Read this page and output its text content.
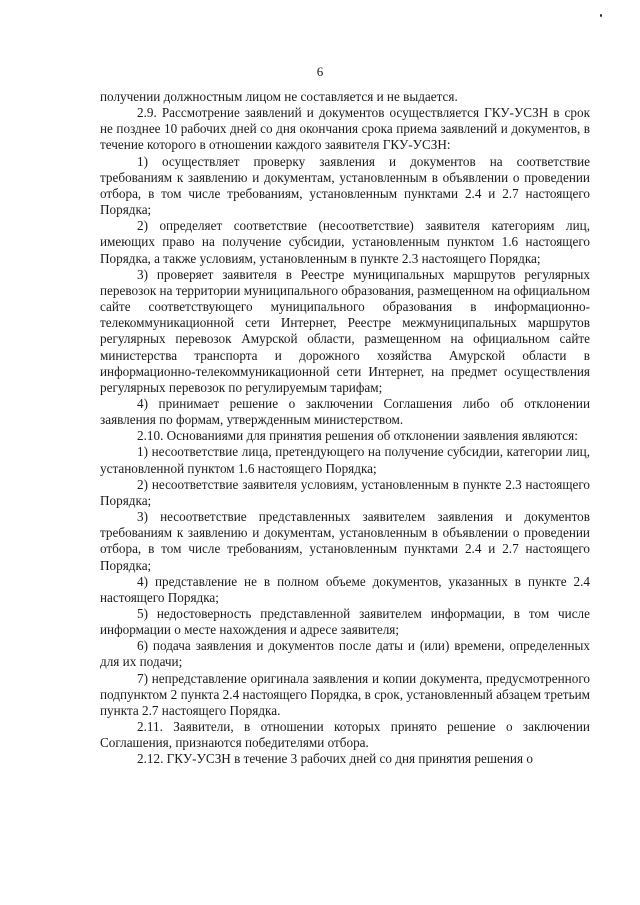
6

получении должностным лицом не составляется и не выдается.

2.9. Рассмотрение заявлений и документов осуществляется ГКУ-УСЗН в срок не позднее 10 рабочих дней со дня окончания срока приема заявлений и документов, в течение которого в отношении каждого заявителя ГКУ-УСЗН:

1) осуществляет проверку заявления и документов на соответствие требованиям к заявлению и документам, установленным в объявлении о проведении отбора, в том числе требованиям, установленным пунктами 2.4 и 2.7 настоящего Порядка;

2) определяет соответствие (несоответствие) заявителя категориям лиц, имеющих право на получение субсидии, установленным пунктом 1.6 настоящего Порядка, а также условиям, установленным в пункте 2.3 настоящего Порядка;

3) проверяет заявителя в Реестре муниципальных маршрутов регулярных перевозок на территории муниципального образования, размещенном на официальном сайте соответствующего муниципального образования в информационно-телекоммуникационной сети Интернет, Реестре межмуниципальных маршрутов регулярных перевозок Амурской области, размещенном на официальном сайте министерства транспорта и дорожного хозяйства Амурской области в информационно-телекоммуникационной сети Интернет, на предмет осуществления регулярных перевозок по регулируемым тарифам;

4) принимает решение о заключении Соглашения либо об отклонении заявления по формам, утвержденным министерством.

2.10. Основаниями для принятия решения об отклонении заявления являются:

1) несоответствие лица, претендующего на получение субсидии, категории лиц, установленной пунктом 1.6 настоящего Порядка;

2) несоответствие заявителя условиям, установленным в пункте 2.3 настоящего Порядка;

3) несоответствие представленных заявителем заявления и документов требованиям к заявлению и документам, установленным в объявлении о проведении отбора, в том числе требованиям, установленным пунктами 2.4 и 2.7 настоящего Порядка;

4) представление не в полном объеме документов, указанных в пункте 2.4 настоящего Порядка;

5) недостоверность представленной заявителем информации, в том числе информации о месте нахождения и адресе заявителя;

6) подача заявления и документов после даты и (или) времени, определенных для их подачи;

7) непредставление оригинала заявления и копии документа, предусмотренного подпунктом 2 пункта 2.4 настоящего Порядка, в срок, установленный абзацем третьим пункта 2.7 настоящего Порядка.

2.11. Заявители, в отношении которых принято решение о заключении Соглашения, признаются победителями отбора.

2.12. ГКУ-УСЗН в течение 3 рабочих дней со дня принятия решения о
